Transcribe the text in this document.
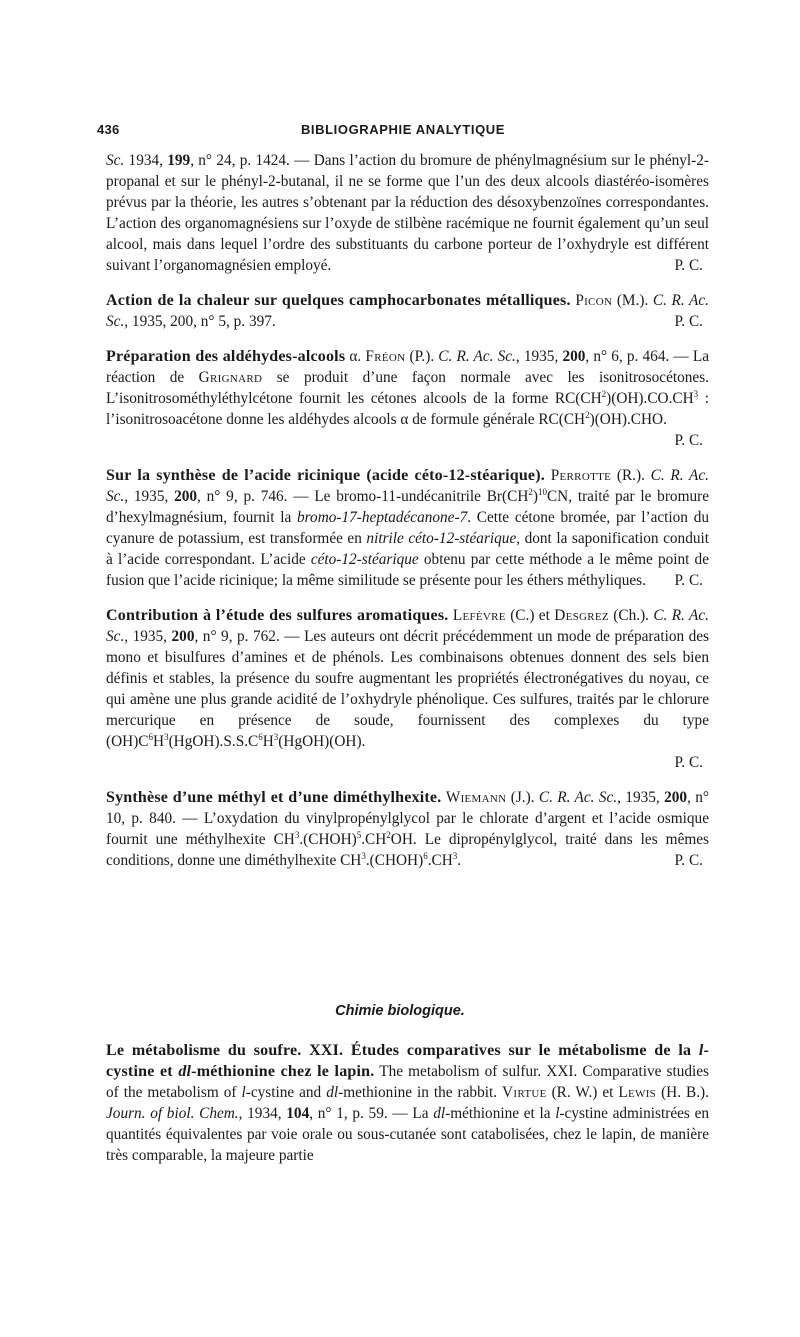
436	BIBLIOGRAPHIE ANALYTIQUE

Sc. 1934, 199, n° 24, p. 1424. — Dans l’action du bromure de phénylmagnésium sur le phényl-2-propanal et sur le phényl-2-butanal, il ne se forme que l’un des deux alcools diastéréo-isomères prévus par la théorie, les autres s’obtenant par la réduction des désoxybenzoïnes correspondantes. L’action des organomagnésiens sur l’oxyde de stilbène racémique ne fournit également qu’un seul alcool, mais dans lequel l’ordre des substituants du carbone porteur de l’oxhydryle est différent suivant l’organomagnésien employé.	P. C.

Action de la chaleur sur quelques camphocarbonates métalliques. Picon (M.). C. R. Ac. Sc., 1935, 200, n° 5, p. 397.	P. C.

Préparation des aldéhydes-alcools α. Fréon (P.). C. R. Ac. Sc., 1935, 200, n° 6, p. 464. — La réaction de Grignard se produit d’une façon normale avec les isonitrosocétones. L’isonitrosométhyléthylcétone fournit les cétones alcools de la forme $RC(CH^2)(OH).CO.CH^3$ : l’isonitrosoacétone donne les aldéhydes alcools α de formule générale $RC(CH^2)(OH).CHO$.
P. C.

Sur la synthèse de l’acide ricinique (acide céto-12-stéarique). Perrotte (R.). C. R. Ac. Sc., 1935, 200, n° 9, p. 746. — Le bromo-11-undécanitrile $Br(CH^2)^{10}CN$, traité par le bromure d’hexylmagnésium, fournit la bromo-17-heptadécanone-7. Cette cétone bromée, par l’action du cyanure de potassium, est transformée en nitrile céto-12-stéarique, dont la saponification conduit à l’acide correspondant. L’acide céto-12-stéarique obtenu par cette méthode a le même point de fusion que l’acide ricinique; la même similitude se présente pour les éthers méthyliques. P. C.

Contribution à l’étude des sulfures aromatiques. Lefèvre (C.) et Desgrez (Ch.). C. R. Ac. Sc., 1935, 200, n° 9, p. 762. — Les auteurs ont décrit précédemment un mode de préparation des mono et bisulfures d’amines et de phénols. Les combinaisons obtenues donnent des sels bien définis et stables, la présence du soufre augmentant les propriétés électronégatives du noyau, ce qui amène une plus grande acidité de l’oxhydryle phénolique. Ces sulfures, traités par le chlorure mercurique en présence de soude, fournissent des complexes du type $(OH)C^6H^3(HgOH).S.S.C^6H^3(HgOH)(OH)$.
P. C.

Synthèse d’une méthyl et d’une diméthylhexite. Wiemann (J.). C. R. Ac. Sc., 1935, 200, n° 10, p. 840. — L’oxydation du vinylpropénylglycol par le chlorate d’argent et l’acide osmique fournit une méthylhexite $CH^3.(CHOH)^5.CH^2OH$. Le dipropénylglycol, traité dans les mêmes conditions, donne une diméthylhexite $CH^3.(CHOH)^6.CH^3$.	P. C.

Chimie biologique.

Le métabolisme du soufre. XXI. Études comparatives sur le métabolisme de la l-cystine et dl-méthionine chez le lapin. The metabolism of sulfur. XXI. Comparative studies of the metabolism of l-cystine and dl-methionine in the rabbit. Virtue (R. W.) et Lewis (H. B.). Journ. of biol. Chem., 1934, 104, n° 1, p. 59. — La dl-méthionine et la l-cystine administrées en quantités équivalentes par voie orale ou sous-cutanée sont catabolisées, chez le lapin, de manière très comparable, la majeure partie
